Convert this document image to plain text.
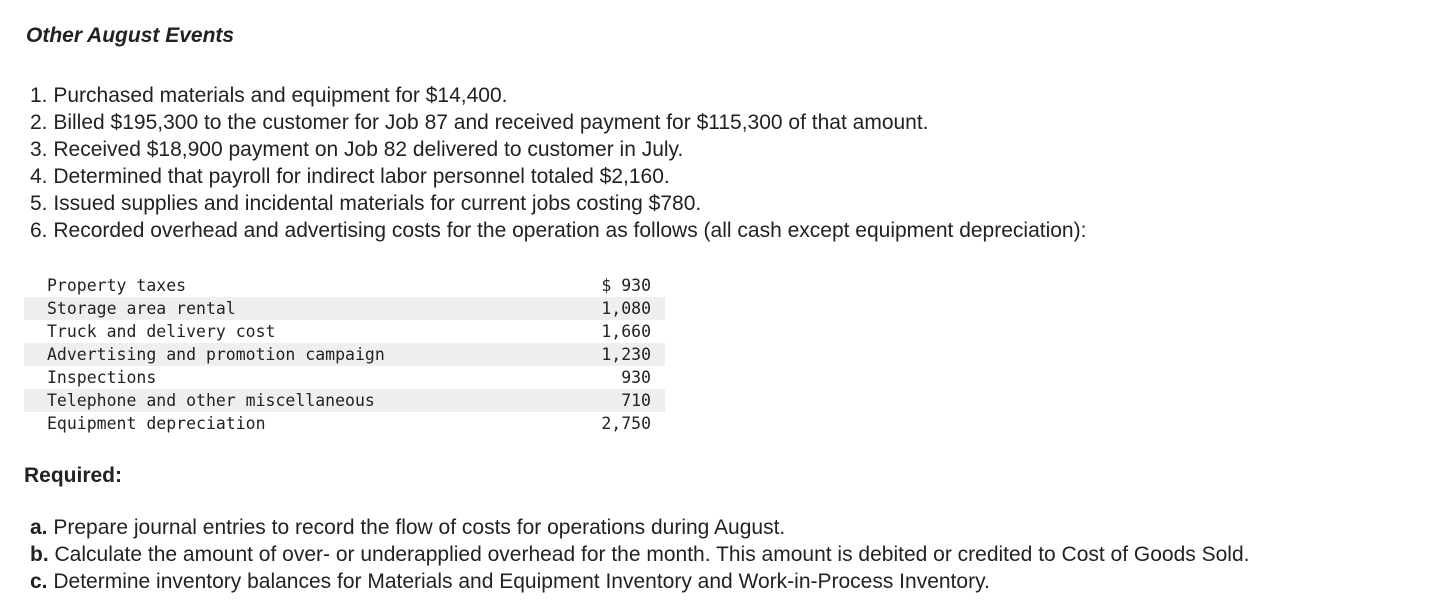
Other August Events
1. Purchased materials and equipment for $14,400.
2. Billed $195,300 to the customer for Job 87 and received payment for $115,300 of that amount.
3. Received $18,900 payment on Job 82 delivered to customer in July.
4. Determined that payroll for indirect labor personnel totaled $2,160.
5. Issued supplies and incidental materials for current jobs costing $780.
6. Recorded overhead and advertising costs for the operation as follows (all cash except equipment depreciation):
Property taxes	$ 930
Storage area rental	1,080
Truck and delivery cost	1,660
Advertising and promotion campaign	1,230
Inspections	930
Telephone and other miscellaneous	710
Equipment depreciation	2,750
Required:
a. Prepare journal entries to record the flow of costs for operations during August.
b. Calculate the amount of over- or underapplied overhead for the month. This amount is debited or credited to Cost of Goods Sold.
c. Determine inventory balances for Materials and Equipment Inventory and Work-in-Process Inventory.
